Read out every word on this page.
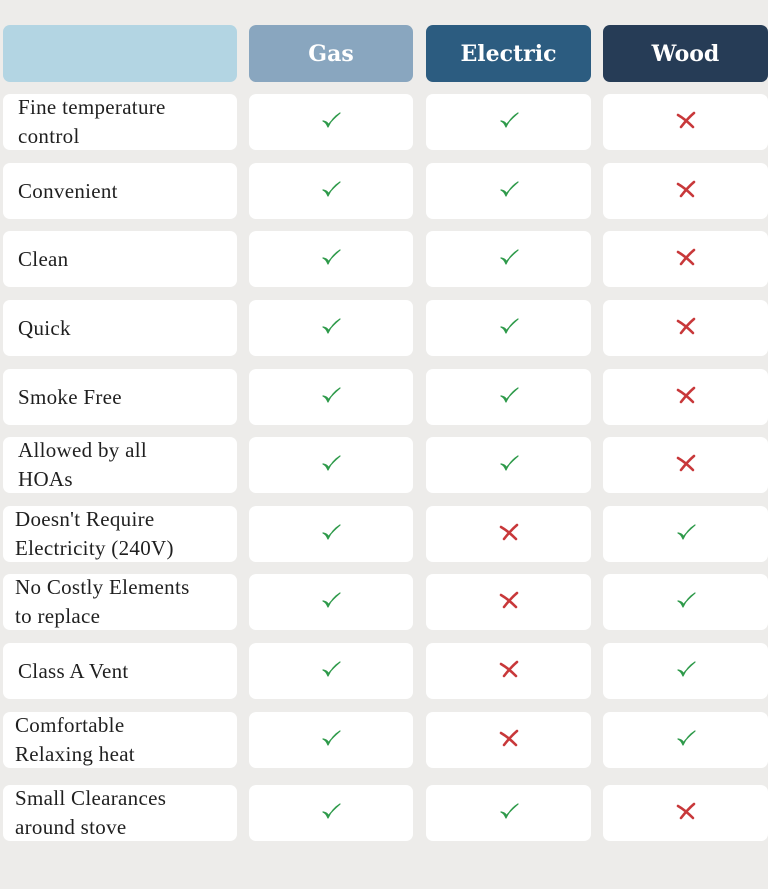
Gas	Electric	Wood
Fine temperature
control
Convenient
Clean
Quick
Smoke Free
Allowed by all
HOAs
Doesn't Require
Electricity (240V)
No Costly Elements
to replace
Class A Vent
Comfortable
Relaxing heat
Small Clearances
around stove
